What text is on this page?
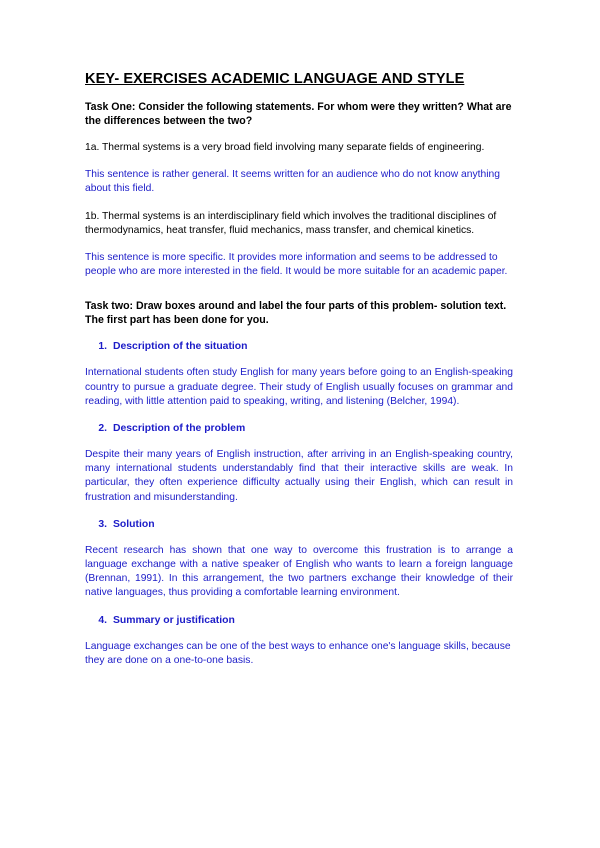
KEY- EXERCISES ACADEMIC LANGUAGE AND STYLE
Task One: Consider the following statements. For whom were they written? What are the differences between the two?

1a. Thermal systems is a very broad field involving many separate fields of engineering.

This sentence is rather general. It seems written for an audience who do not know anything about this field.

1b. Thermal systems is an interdisciplinary field which involves the traditional disciplines of thermodynamics, heat transfer, fluid mechanics, mass transfer, and chemical kinetics.

This sentence is more specific. It provides more information and seems to be addressed to people who are more interested in the field. It would be more suitable for an academic paper.

Task two: Draw boxes around and label the four parts of this problem- solution text. The first part has been done for you.
1. Description of the situation

International students often study English for many years before going to an English-speaking country to pursue a graduate degree. Their study of English usually focuses on grammar and reading, with little attention paid to speaking, writing, and listening (Belcher, 1994).

2. Description of the problem

Despite their many years of English instruction, after arriving in an English-speaking country, many international students understandably find that their interactive skills are weak. In particular, they often experience difficulty actually using their English, which can result in frustration and misunderstanding.

3. Solution

Recent research has shown that one way to overcome this frustration is to arrange a language exchange with a native speaker of English who wants to learn a foreign language (Brennan, 1991). In this arrangement, the two partners exchange their knowledge of their native languages, thus providing a comfortable learning environment.

4. Summary or justification

Language exchanges can be one of the best ways to enhance one's language skills, because they are done on a one-to-one basis.
